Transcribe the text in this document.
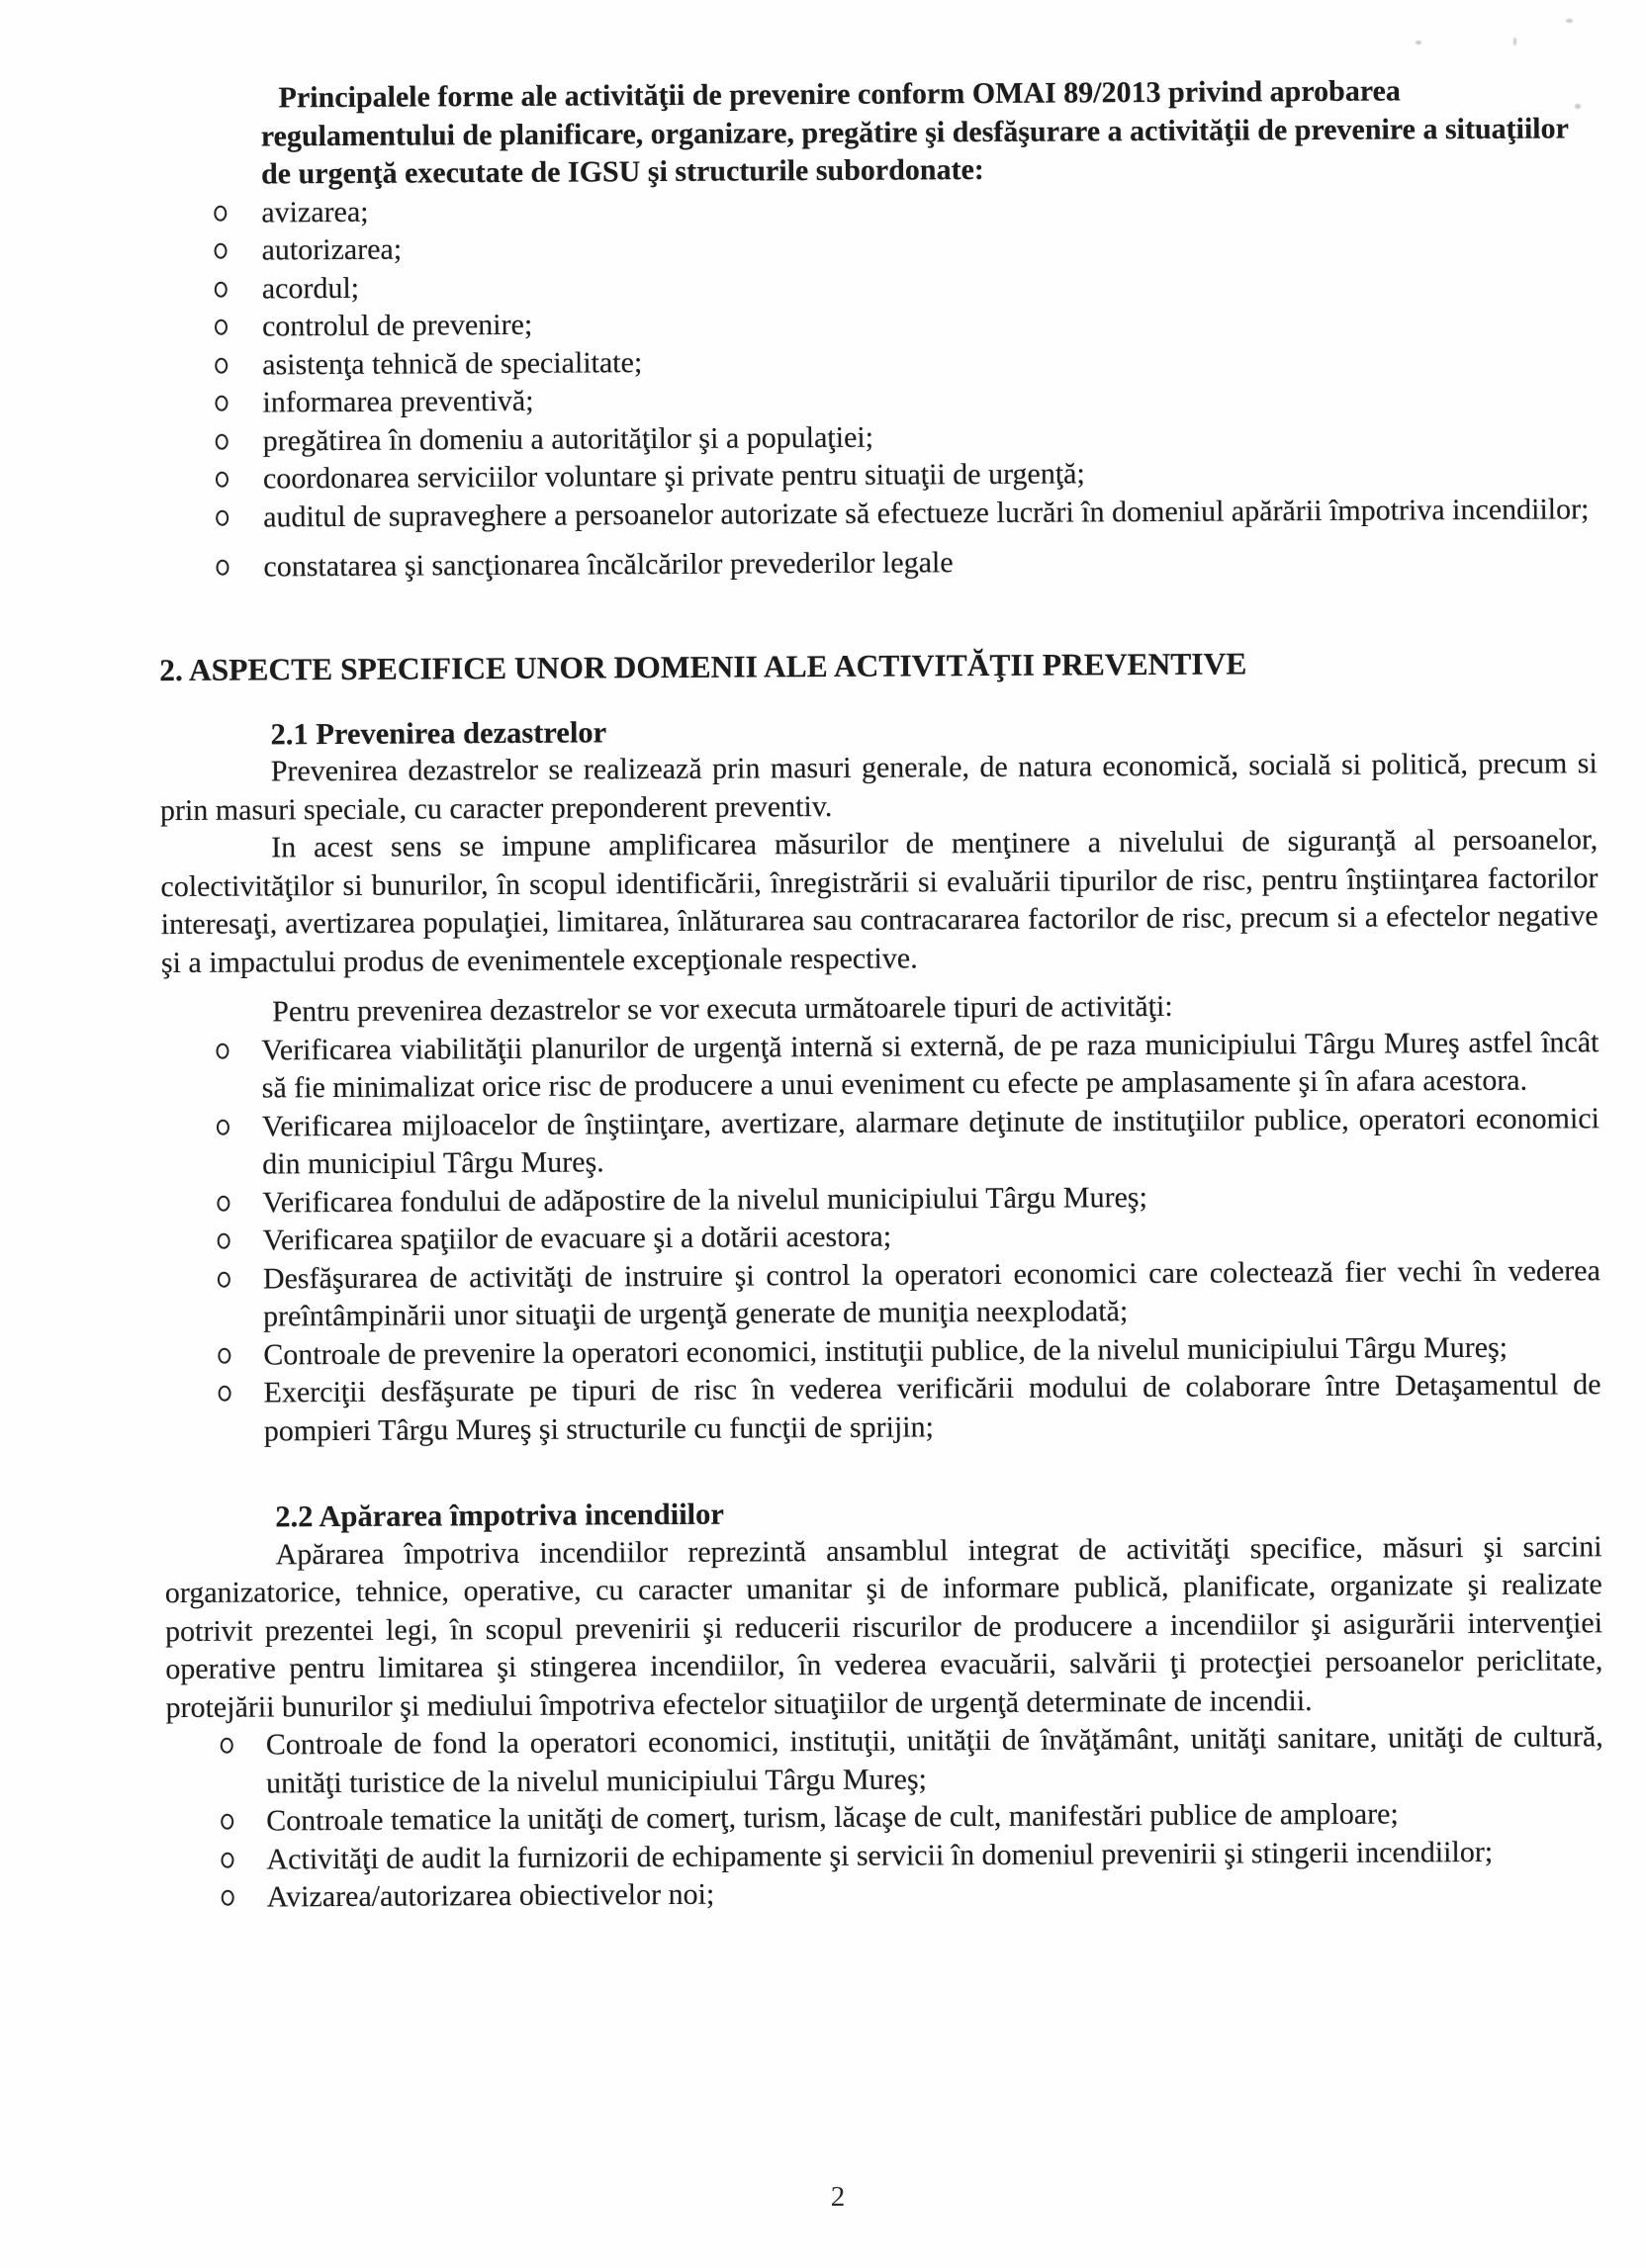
Principalele forme ale activităţii de prevenire conform OMAI 89/2013 privind aprobarea regulamentului de planificare, organizare, pregătire şi desfăşurare a activităţii de prevenire a situaţiilor de urgenţă executate de IGSU şi structurile subordonate:

avizarea;
autorizarea;
acordul;
controlul de prevenire;
asistenţa tehnică de specialitate;
informarea preventivă;
pregătirea în domeniu a autorităţilor şi a populaţiei;
coordonarea serviciilor voluntare şi private pentru situaţii de urgenţă;
auditul de supraveghere a persoanelor autorizate să efectueze lucrări în domeniul apărării împotriva incendiilor;
constatarea şi sancţionarea încălcărilor prevederilor legale
2. ASPECTE SPECIFICE UNOR DOMENII ALE ACTIVITĂŢII PREVENTIVE
2.1 Prevenirea dezastrelor

Prevenirea dezastrelor se realizează prin masuri generale, de natura economică, socială si politică, precum si prin masuri speciale, cu caracter preponderent preventiv.

In acest sens se impune amplificarea măsurilor de menţinere a nivelului de siguranţă al persoanelor, colectivităţilor si bunurilor, în scopul identificării, înregistrării si evaluării tipurilor de risc, pentru înştiinţarea factorilor interesaţi, avertizarea populaţiei, limitarea, înlăturarea sau contracararea factorilor de risc, precum si a efectelor negative şi a impactului produs de evenimentele excepţionale respective.

Pentru prevenirea dezastrelor se vor executa următoarele tipuri de activităţi:

Verificarea viabilităţii planurilor de urgenţă internă si externă, de pe raza municipiului Târgu Mureş astfel încât să fie minimalizat orice risc de producere a unui eveniment cu efecte pe amplasamente şi în afara acestora.
Verificarea mijloacelor de înştiinţare, avertizare, alarmare deţinute de instituţiilor publice, operatori economici din municipiul Târgu Mureş.
Verificarea fondului de adăpostire de la nivelul municipiului Târgu Mureş;
Verificarea spaţiilor de evacuare şi a dotării acestora;
Desfăşurarea de activităţi de instruire şi control la operatori economici care colectează fier vechi în vederea preîntâmpinării unor situaţii de urgenţă generate de muniţia neexplodată;
Controale de prevenire la operatori economici, instituţii publice, de la nivelul municipiului Târgu Mureş;
Exerciţii desfăşurate pe tipuri de risc în vederea verificării modului de colaborare între Detaşamentul de pompieri Târgu Mureş şi structurile cu funcţii de sprijin;
2.2 Apărarea împotriva incendiilor

Apărarea împotriva incendiilor reprezintă ansamblul integrat de activităţi specifice, măsuri şi sarcini organizatorice, tehnice, operative, cu caracter umanitar şi de informare publică, planificate, organizate şi realizate potrivit prezentei legi, în scopul prevenirii şi reducerii riscurilor de producere a incendiilor şi asigurării intervenţiei operative pentru limitarea şi stingerea incendiilor, în vederea evacuării, salvării ţi protecţiei persoanelor periclitate, protejării bunurilor şi mediului împotriva efectelor situaţiilor de urgenţă determinate de incendii.

Controale de fond la operatori economici, instituţii, unităţii de învăţământ, unităţi sanitare, unităţi de cultură, unităţi turistice de la nivelul municipiului Târgu Mureş;
Controale tematice la unităţi de comerţ, turism, lăcaşe de cult, manifestări publice de amploare;
Activităţi de audit la furnizorii de echipamente şi servicii în domeniul prevenirii şi stingerii incendiilor;
Avizarea/autorizarea obiectivelor noi;
2
